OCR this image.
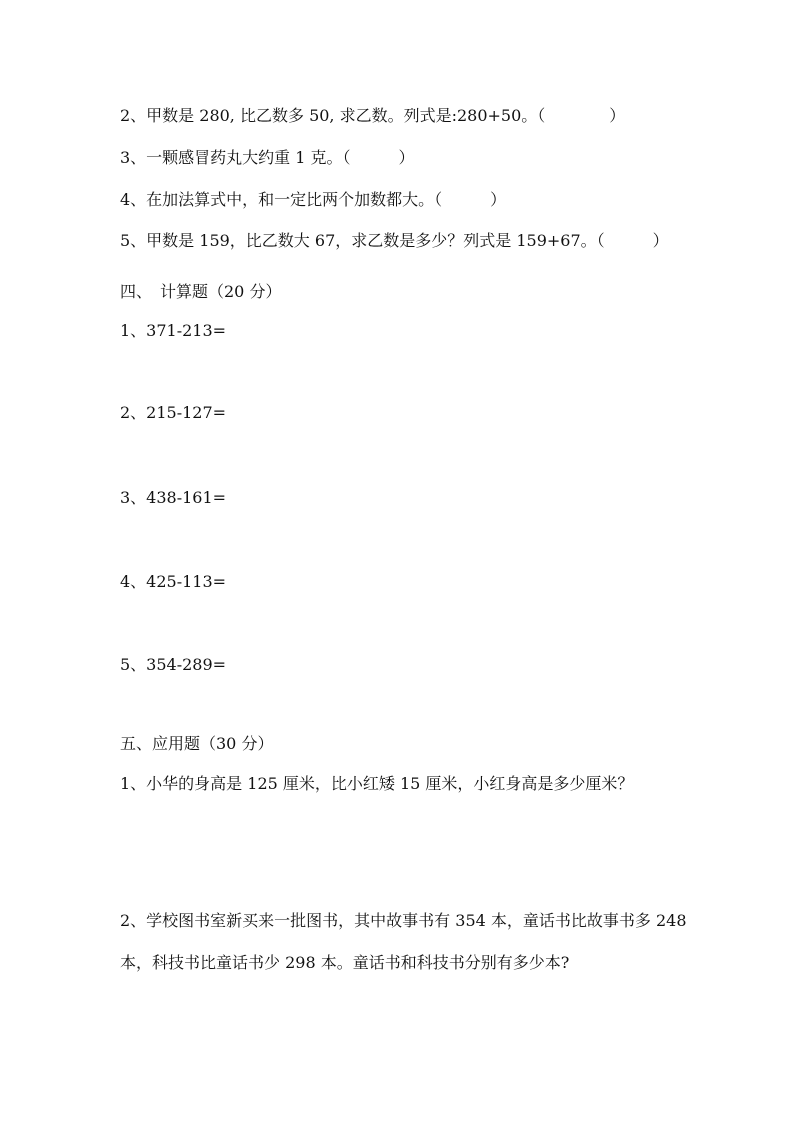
2、甲数是 280, 比乙数多 50, 求乙数。列式是:280+50。（　　　　）
3、一颗感冒药丸大约重 1 克。（　　　）
4、在加法算式中，和一定比两个加数都大。（　　　）
5、甲数是 159，比乙数大 67，求乙数是多少？列式是 159+67。（　　　）
四、　计算题（20 分）
1、371-213=
2、215-127=
3、438-161=
4、425-113=
5、354-289=
五、应用题（30 分）
1、小华的身高是 125 厘米，比小红矮 15 厘米，小红身高是多少厘米？
2、学校图书室新买来一批图书，其中故事书有 354 本，童话书比故事书多 248 本，科技书比童话书少 298 本。童话书和科技书分别有多少本?
